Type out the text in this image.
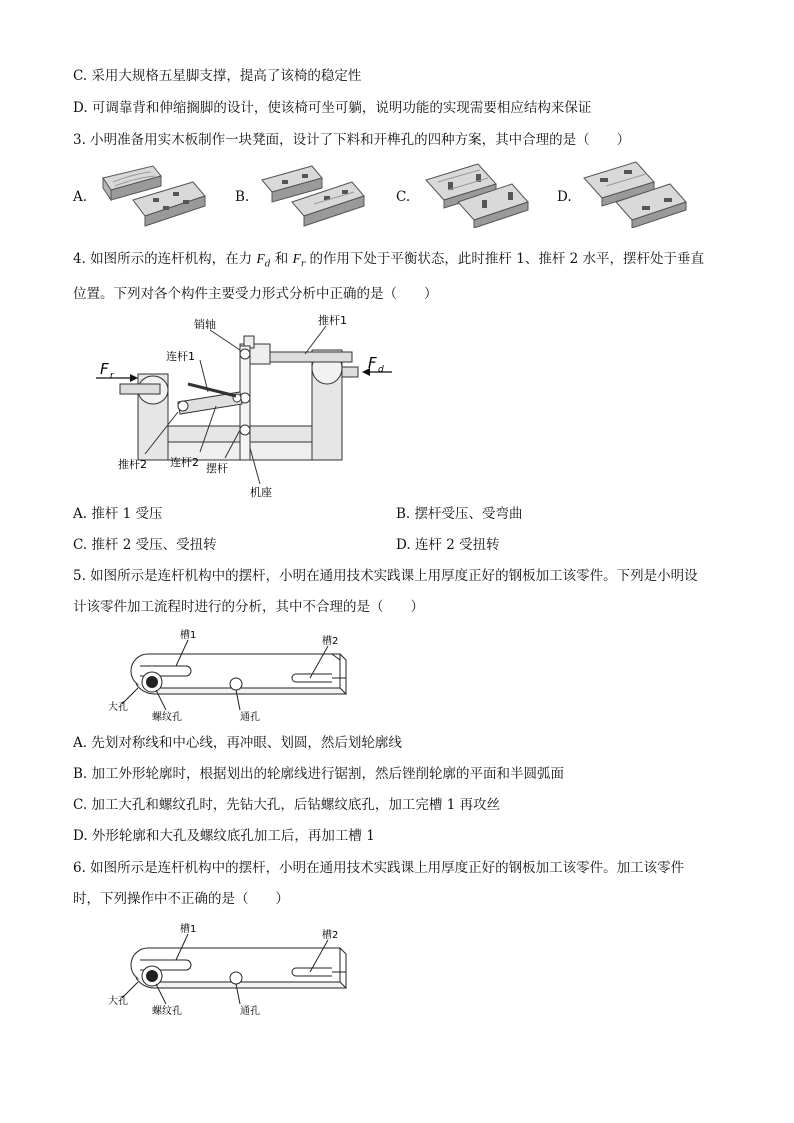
C. 采用大规格五星脚支撑，提高了该椅的稳定性
D. 可调靠背和伸缩搁脚的设计，使该椅可坐可躺，说明功能的实现需要相应结构来保证
3. 小明准备用实木板制作一块凳面，设计了下料和开榫孔的四种方案，其中合理的是（　　）
A.	B.	C.	D.
4. 如图所示的连杆机构，在力 $F_d$ 和 $F_r$ 的作用下处于平衡状态，此时推杆 1、推杆 2 水平，摆杆处于垂直
位置。下列对各个构件主要受力形式分析中正确的是（　　）
销轴	推杆1
连杆1
F r
F d
推杆2 连杆2 摆杆
机座
A. 推杆 1 受压	B. 摆杆受压、受弯曲
C. 推杆 2 受压、受扭转	D. 连杆 2 受扭转
5. 如图所示是连杆机构中的摆杆，小明在通用技术实践课上用厚度正好的钢板加工该零件。下列是小明设
计该零件加工流程时进行的分析，其中不合理的是（　　）
槽1
槽2
大孔
螺纹孔	通孔
A. 先划对称线和中心线，再冲眼、划圆，然后划轮廓线
B. 加工外形轮廓时，根据划出的轮廓线进行锯割，然后锉削轮廓的平面和半圆弧面
C. 加工大孔和螺纹孔时，先钻大孔，后钻螺纹底孔，加工完槽 1 再攻丝
D. 外形轮廓和大孔及螺纹底孔加工后，再加工槽 1
6. 如图所示是连杆机构中的摆杆，小明在通用技术实践课上用厚度正好的钢板加工该零件。加工该零件
时，下列操作中不正确的是（　　）
槽1
槽2
大孔
螺纹孔	通孔
